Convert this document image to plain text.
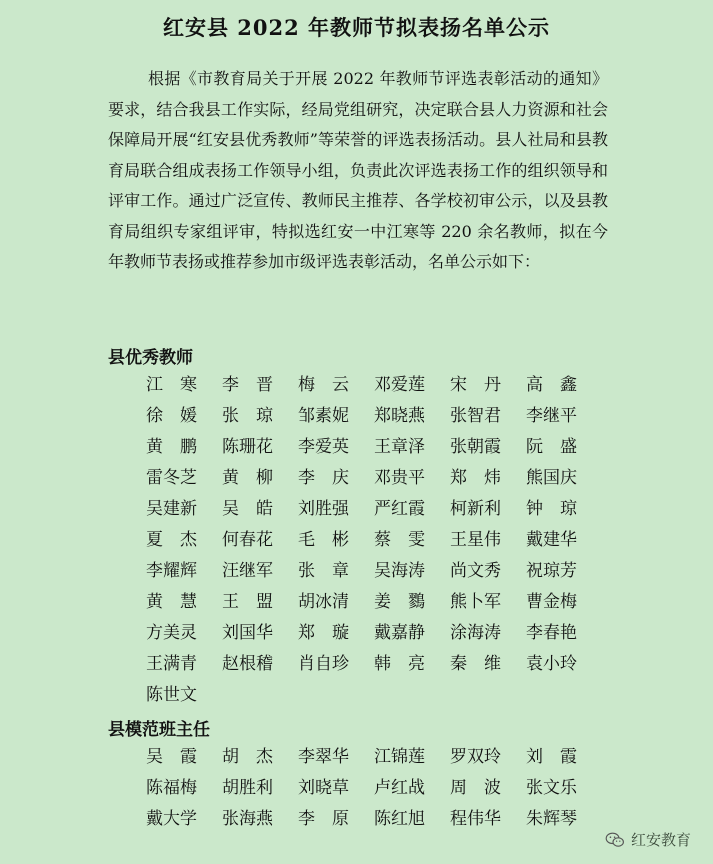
红安县 2022 年教师节拟表扬名单公示
根据《市教育局关于开展 2022 年教师节评选表彰活动的通知》要求，结合我县工作实际，经局党组研究，决定联合县人力资源和社会保障局开展“红安县优秀教师”等荣誉的评选表扬活动。县人社局和县教育局联合组成表扬工作领导小组，负责此次评选表扬工作的组织领导和评审工作。通过广泛宣传、教师民主推荐、各学校初审公示，以及县教育局组织专家组评审，特拟选红安一中江寒等 220 余名教师，拟在今年教师节表扬或推荐参加市级评选表彰活动，名单公示如下：
县优秀教师
江　寒	李　晋	梅　云	邓爱莲	宋　丹	高　鑫
徐　媛	张　琼	邹素妮	郑晓燕	张智君	李继平
黄　鹏	陈珊花	李爱英	王章泽	张朝霞	阮　盛
雷冬芝	黄　柳	李　庆	邓贵平	郑　炜	熊国庆
吴建新	吴　皓	刘胜强	严红霞	柯新利	钟　琼
夏　杰	何春花	毛　彬	蔡　雯	王星伟	戴建华
李耀辉	汪继军	张　章	吴海涛	尚文秀	祝琼芳
黄　慧	王　盟	胡冰清	姜　鷚	熊卜军	曹金梅
方美灵	刘国华	郑　璇	戴嘉静	涂海涛	李春艳
王满青	赵根稽	肖自珍	韩　亮	秦　维	袁小玲
陈世文
县模范班主任
吴　霞	胡　杰	李翠华	江锦莲	罗双玲	刘　霞
陈福梅	胡胜利	刘晓草	卢红战	周　波	张文乐
戴大学	张海燕	李　原	陈红旭	程伟华	朱辉琴
红安教育
